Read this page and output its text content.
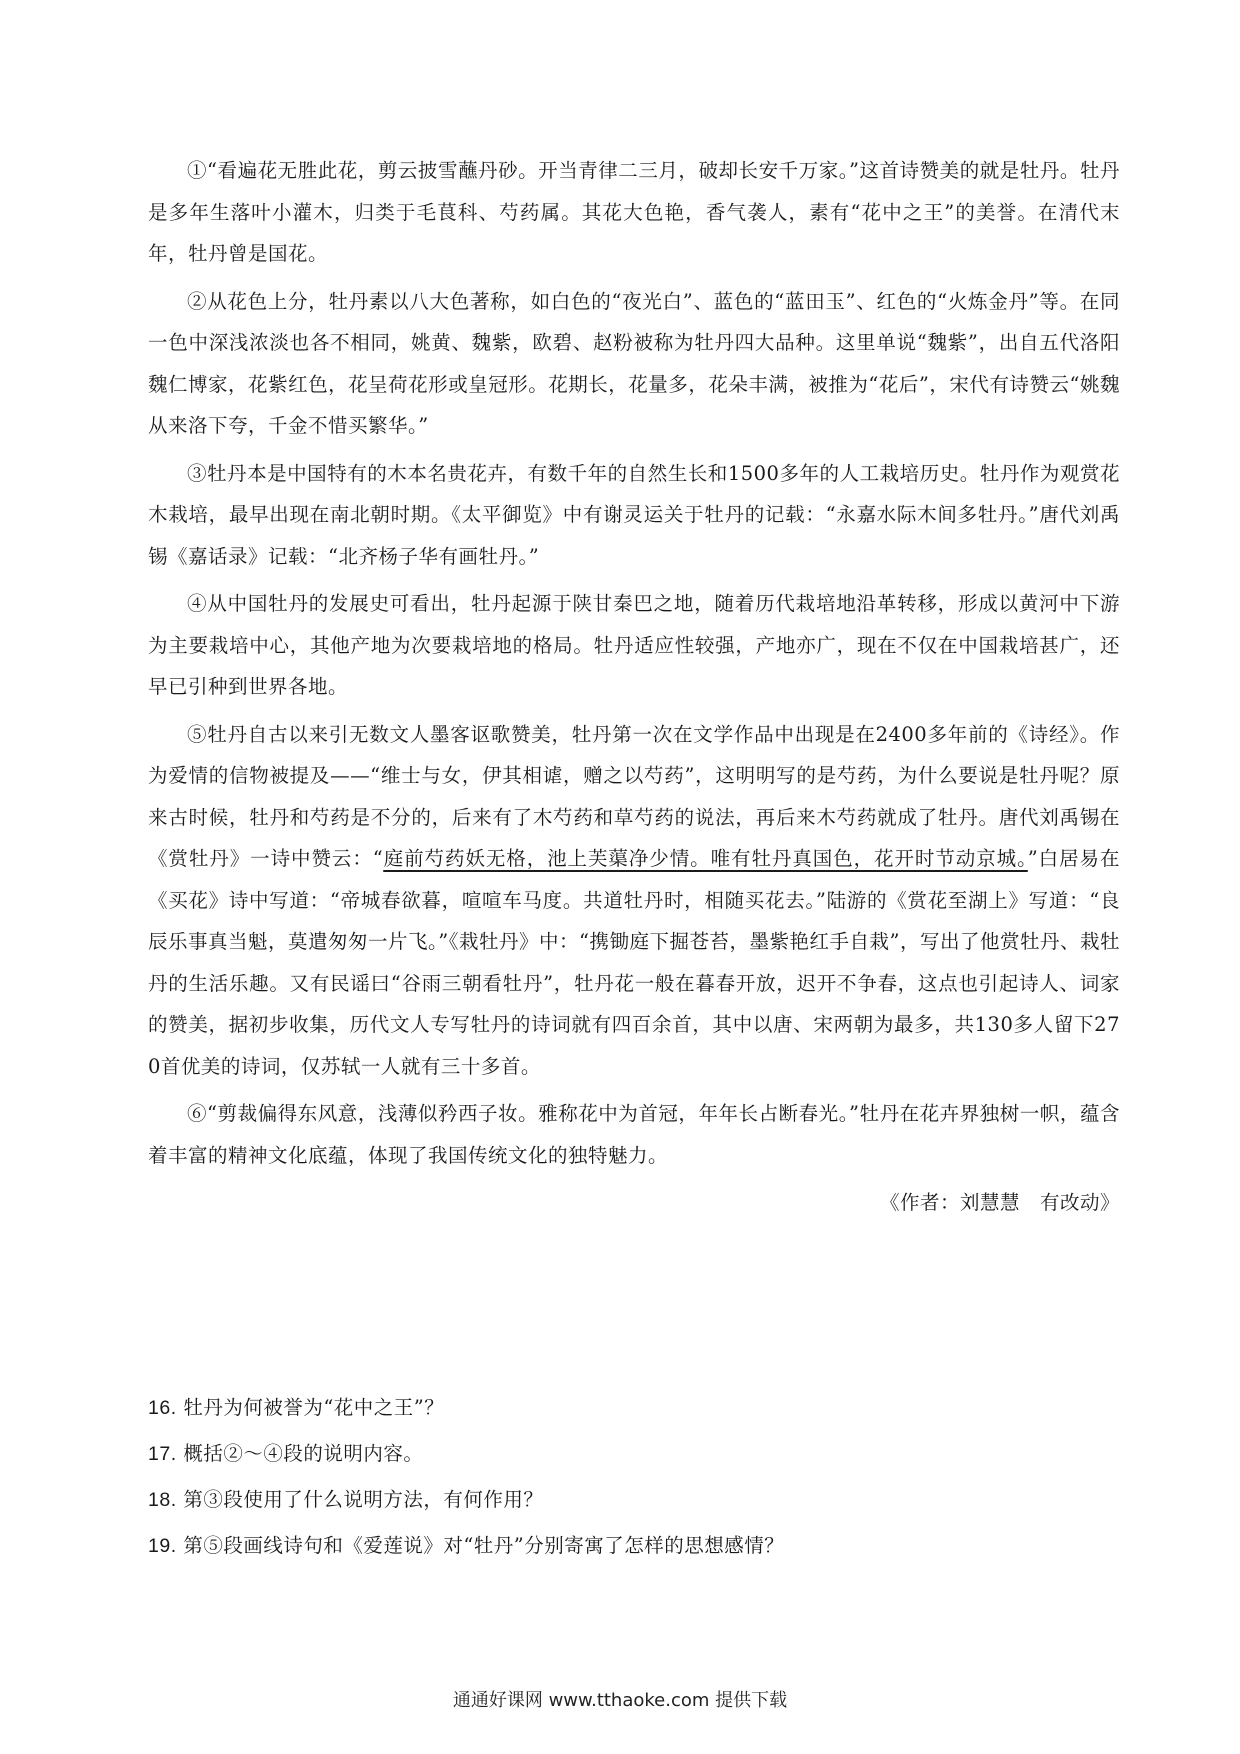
①“看遍花无胜此花，剪云披雪蘸丹砂。开当青律二三月，破却长安千万家。”这首诗赞美的就是牡丹。牡丹是多年生落叶小灌木，归类于毛茛科、芍药属。其花大色艳，香气袭人，素有“花中之王”的美誉。在清代末年，牡丹曾是国花。

②从花色上分，牡丹素以八大色著称，如白色的“夜光白”、蓝色的“蓝田玉”、红色的“火炼金丹”等。在同一色中深浅浓淡也各不相同，姚黄、魏紫，欧碧、赵粉被称为牡丹四大品种。这里单说“魏紫”，出自五代洛阳魏仁博家，花紫红色，花呈荷花形或皇冠形。花期长，花量多，花朵丰满，被推为“花后”，宋代有诗赞云“姚魏从来洛下夸，千金不惜买繁华。”

③牡丹本是中国特有的木本名贵花卉，有数千年的自然生长和1500多年的人工栽培历史。牡丹作为观赏花木栽培，最早出现在南北朝时期。《太平御览》中有谢灵运关于牡丹的记载：“永嘉水际木间多牡丹。”唐代刘禹锡《嘉话录》记载：“北齐杨子华有画牡丹。”

④从中国牡丹的发展史可看出，牡丹起源于陕甘秦巴之地，随着历代栽培地沿革转移，形成以黄河中下游为主要栽培中心，其他产地为次要栽培地的格局。牡丹适应性较强，产地亦广，现在不仅在中国栽培甚广，还早已引种到世界各地。

⑤牡丹自古以来引无数文人墨客讴歌赞美，牡丹第一次在文学作品中出现是在2400多年前的《诗经》。作为爱情的信物被提及——“维士与女，伊其相谑，赠之以芍药”，这明明写的是芍药，为什么要说是牡丹呢？原来古时候，牡丹和芍药是不分的，后来有了木芍药和草芍药的说法，再后来木芍药就成了牡丹。唐代刘禹锡在《赏牡丹》一诗中赞云：“庭前芍药妖无格，池上芙蕖净少情。唯有牡丹真国色，花开时节动京城。”白居易在《买花》诗中写道：“帝城春欲暮，喧喧车马度。共道牡丹时，相随买花去。”陆游的《赏花至湖上》写道：“良辰乐事真当魁，莫遣匆匆一片飞。”《栽牡丹》中：“携锄庭下掘苍苔，墨紫艳红手自栽”，写出了他赏牡丹、栽牡丹的生活乐趣。又有民谣曰“谷雨三朝看牡丹”，牡丹花一般在暮春开放，迟开不争春，这点也引起诗人、词家的赞美，据初步收集，历代文人专写牡丹的诗词就有四百余首，其中以唐、宋两朝为最多，共130多人留下270首优美的诗词，仅苏轼一人就有三十多首。

⑥“剪裁偏得东风意，浅薄似矜西子妆。雅称花中为首冠，年年长占断春光。”牡丹在花卉界独树一帜，蕴含着丰富的精神文化底蕴，体现了我国传统文化的独特魅力。

《作者：刘慧慧　有改动》

16. 牡丹为何被誉为“花中之王”？

17. 概括②～④段的说明内容。

18. 第③段使用了什么说明方法，有何作用？

19. 第⑤段画线诗句和《爱莲说》对“牡丹”分别寄寓了怎样的思想感情？

通通好课网 www.tthaoke.com 提供下载
